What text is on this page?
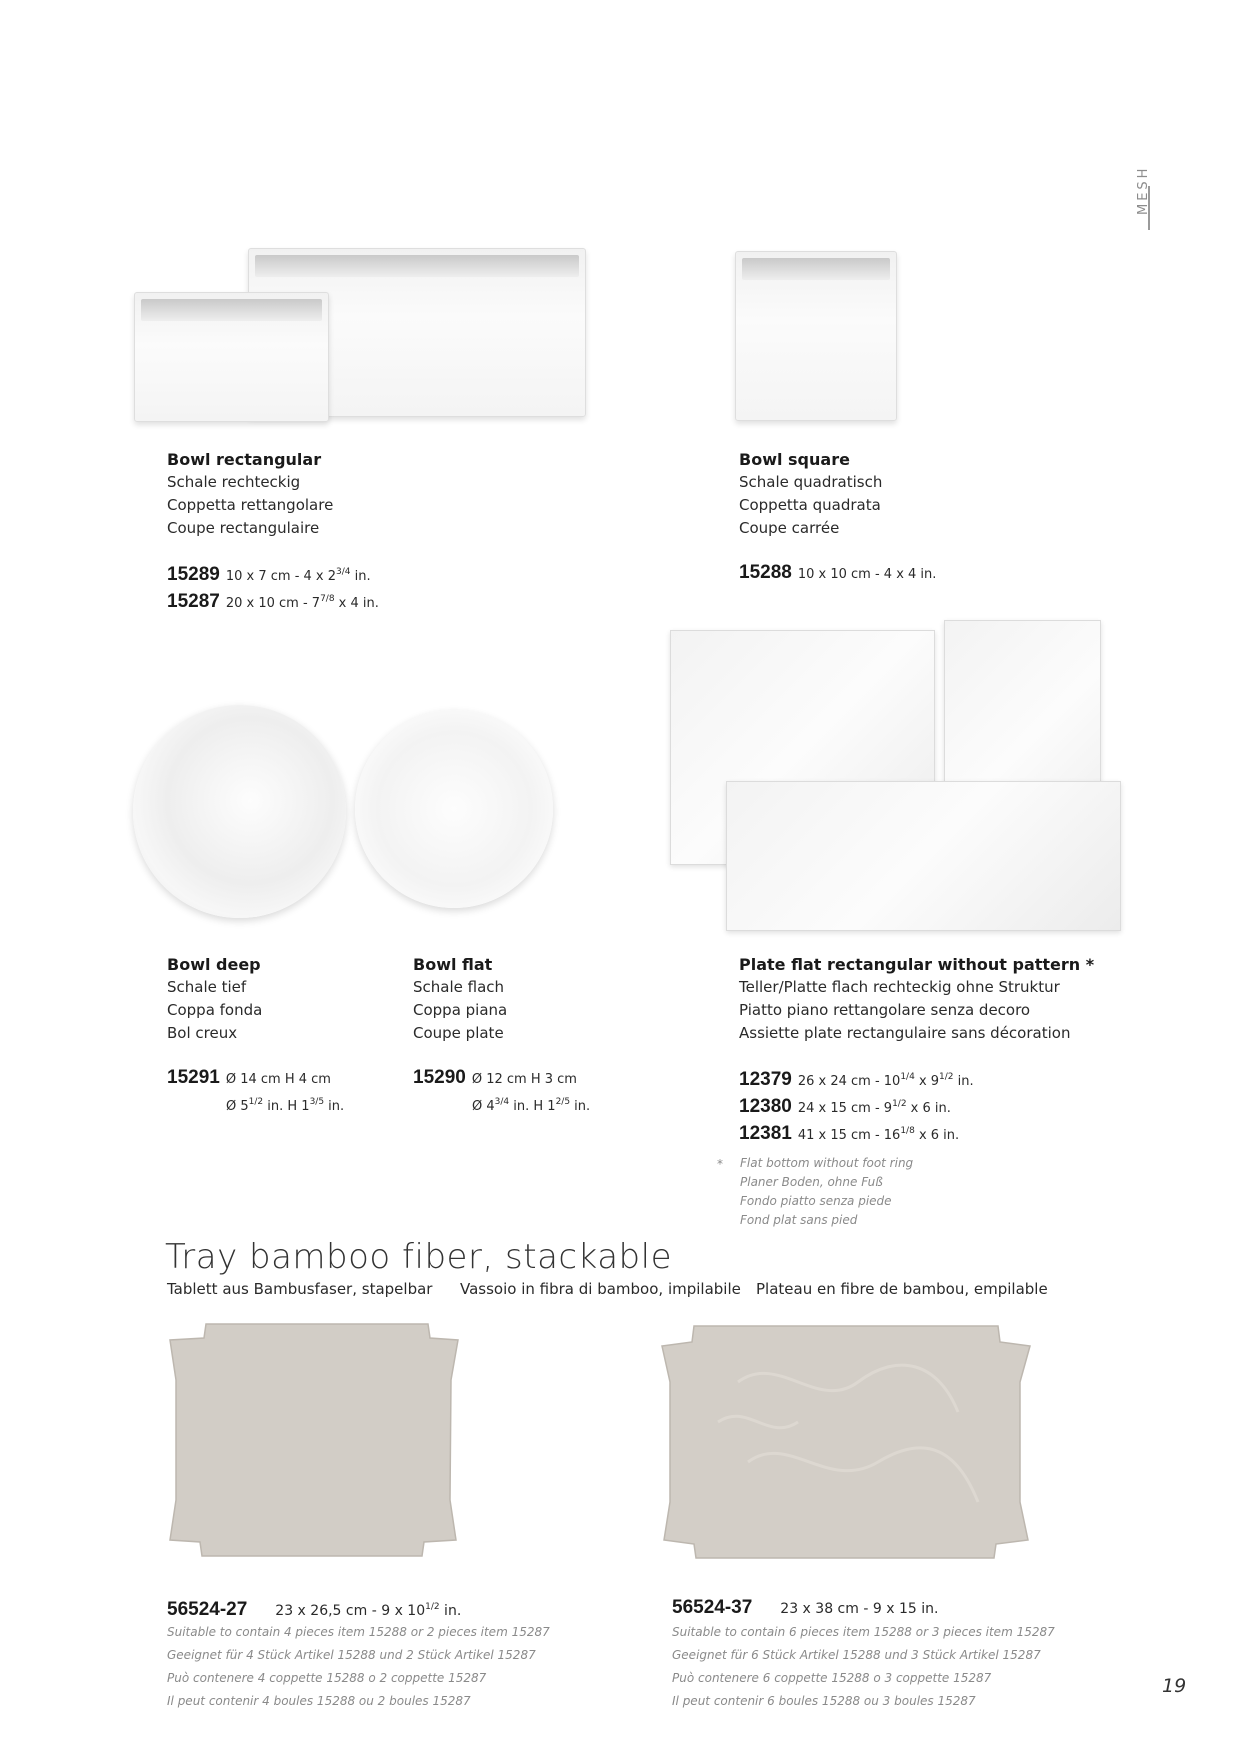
MESH
Bowl rectangular
Schale rechteckig
Coppetta rettangolare
Coupe rectangulaire
15289 10 x 7 cm - 4 x $2^{3/4}$ in.
15287 20 x 10 cm - $7^{7/8}$ x 4 in.
Bowl square
Schale quadratisch
Coppetta quadrata
Coupe carrée
15288 10 x 10 cm - 4 x 4 in.
Bowl deep
Schale tief
Coppa fonda
Bol creux
15291 Ø 14 cm H 4 cm
Ø $5^{1/2}$ in. H $1^{3/5}$ in.
Bowl flat
Schale flach
Coppa piana
Coupe plate
15290 Ø 12 cm H 3 cm
Ø $4^{3/4}$ in. H $1^{2/5}$ in.
Plate flat rectangular without pattern *
Teller/Platte flach rechteckig ohne Struktur
Piatto piano rettangolare senza decoro
Assiette plate rectangulaire sans décoration
12379 26 x 24 cm - $10^{1/4}$ x $9^{1/2}$ in.
12380 24 x 15 cm - $9^{1/2}$ x 6 in.
12381 41 x 15 cm - $16^{1/8}$ x 6 in.
* Flat bottom without foot ring
Planer Boden, ohne Fuß
Fondo piatto senza piede
Fond plat sans pied
Tray bamboo fiber, stackable
Tablett aus Bambusfaser, stapelbar Vassoio in fibra di bamboo, impilabile Plateau en fibre de bambou, empilable
56524-27 23 x 26,5 cm - 9 x $10^{1/2}$ in.
Suitable to contain 4 pieces item 15288 or 2 pieces item 15287
Geeignet für 4 Stück Artikel 15288 und 2 Stück Artikel 15287
Può contenere 4 coppette 15288 o 2 coppette 15287
Il peut contenir 4 boules 15288 ou 2 boules 15287
56524-37 23 x 38 cm - 9 x 15 in.
Suitable to contain 6 pieces item 15288 or 3 pieces item 15287
Geeignet für 6 Stück Artikel 15288 und 3 Stück Artikel 15287
Può contenere 6 coppette 15288 o 3 coppette 15287
Il peut contenir 6 boules 15288 ou 3 boules 15287
19
